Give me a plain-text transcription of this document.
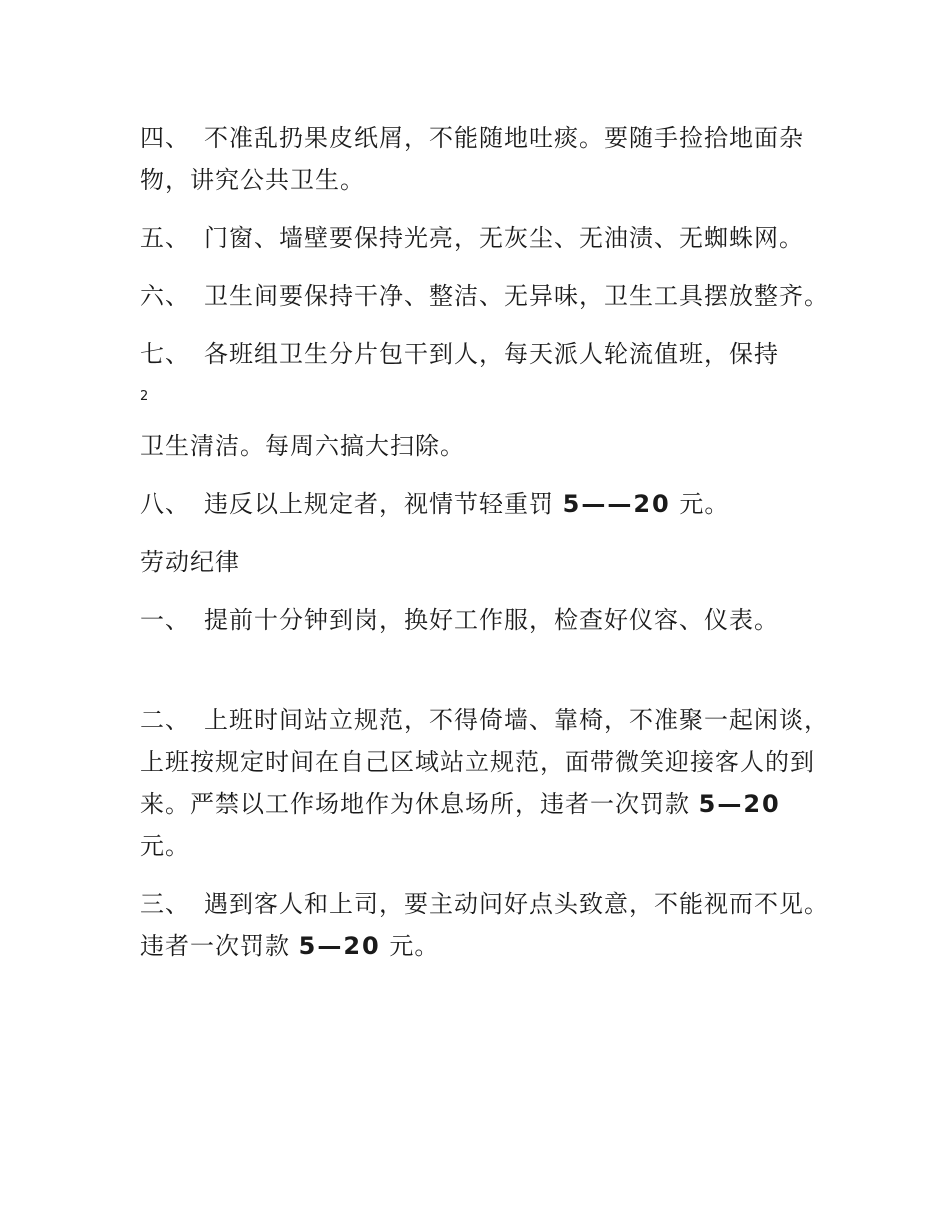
四、 不准乱扔果皮纸屑，不能随地吐痰。要随手捡拾地面杂物，讲究公共卫生。

五、 门窗、墙壁要保持光亮，无灰尘、无油渍、无蜘蛛网。

六、 卫生间要保持干净、整洁、无异味，卫生工具摆放整齐。

七、 各班组卫生分片包干到人，每天派人轮流值班，保持

2

卫生清洁。每周六搞大扫除。

八、 违反以上规定者，视情节轻重罚 5——20 元。

劳动纪律

一、 提前十分钟到岗，换好工作服，检查好仪容、仪表。

二、 上班时间站立规范，不得倚墙、靠椅，不准聚一起闲谈，上班按规定时间在自己区域站立规范，面带微笑迎接客人的到来。严禁以工作场地作为休息场所，违者一次罚款 5—20 元。

三、 遇到客人和上司，要主动问好点头致意，不能视而不见。违者一次罚款 5—20 元。
